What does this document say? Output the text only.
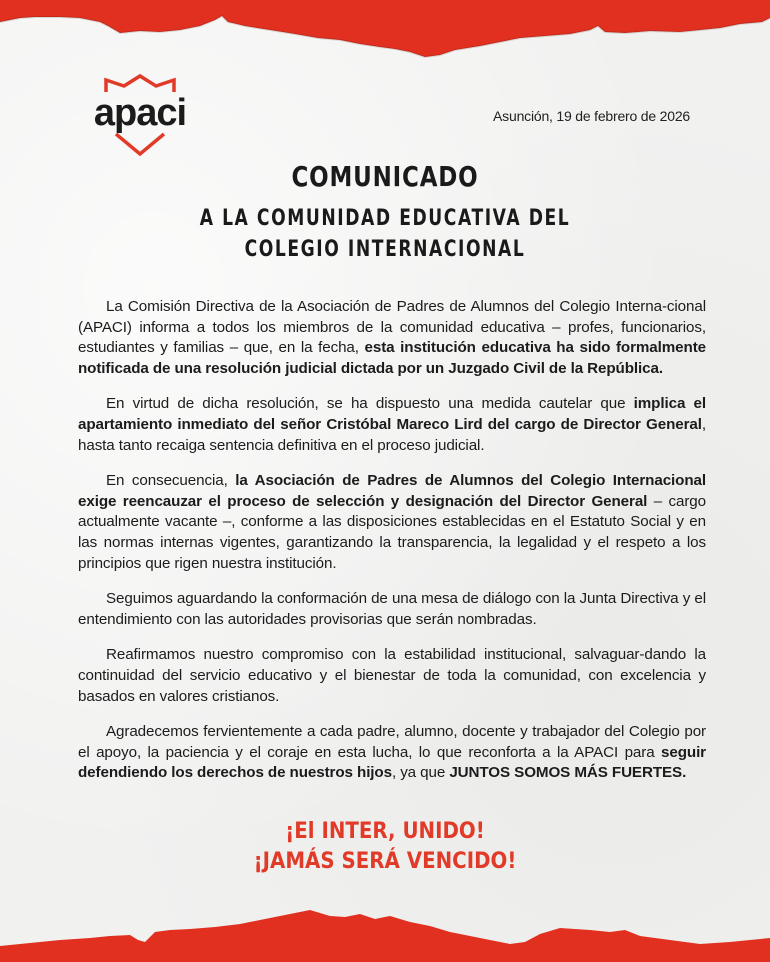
apaci	Asunción, 19 de febrero de 2026
COMUNICADO
A LA COMUNIDAD EDUCATIVA DEL
COLEGIO INTERNACIONAL

La Comisión Directiva de la Asociación de Padres de Alumnos del Colegio Interna-cional (APACI) informa a todos los miembros de la comunidad educativa – profes, funcionarios, estudiantes y familias – que, en la fecha, esta institución educativa ha sido formalmente notificada de una resolución judicial dictada por un Juzgado Civil de la República.

En virtud de dicha resolución, se ha dispuesto una medida cautelar que implica el apartamiento inmediato del señor Cristóbal Mareco Lird del cargo de Director General, hasta tanto recaiga sentencia definitiva en el proceso judicial.

En consecuencia, la Asociación de Padres de Alumnos del Colegio Internacional exige reencauzar el proceso de selección y designación del Director General – cargo actualmente vacante –, conforme a las disposiciones establecidas en el Estatuto Social y en las normas internas vigentes, garantizando la transparencia, la legalidad y el respeto a los principios que rigen nuestra institución.

Seguimos aguardando la conformación de una mesa de diálogo con la Junta Directiva y el entendimiento con las autoridades provisorias que serán nombradas.

Reafirmamos nuestro compromiso con la estabilidad institucional, salvaguar-dando la continuidad del servicio educativo y el bienestar de toda la comunidad, con excelencia y basados en valores cristianos.

Agradecemos fervientemente a cada padre, alumno, docente y trabajador del Colegio por el apoyo, la paciencia y el coraje en esta lucha, lo que reconforta a la APACI para seguir defendiendo los derechos de nuestros hijos, ya que JUNTOS SOMOS MÁS FUERTES.

¡El INTER, UNIDO!
¡JAMÁS SERÁ VENCIDO!
